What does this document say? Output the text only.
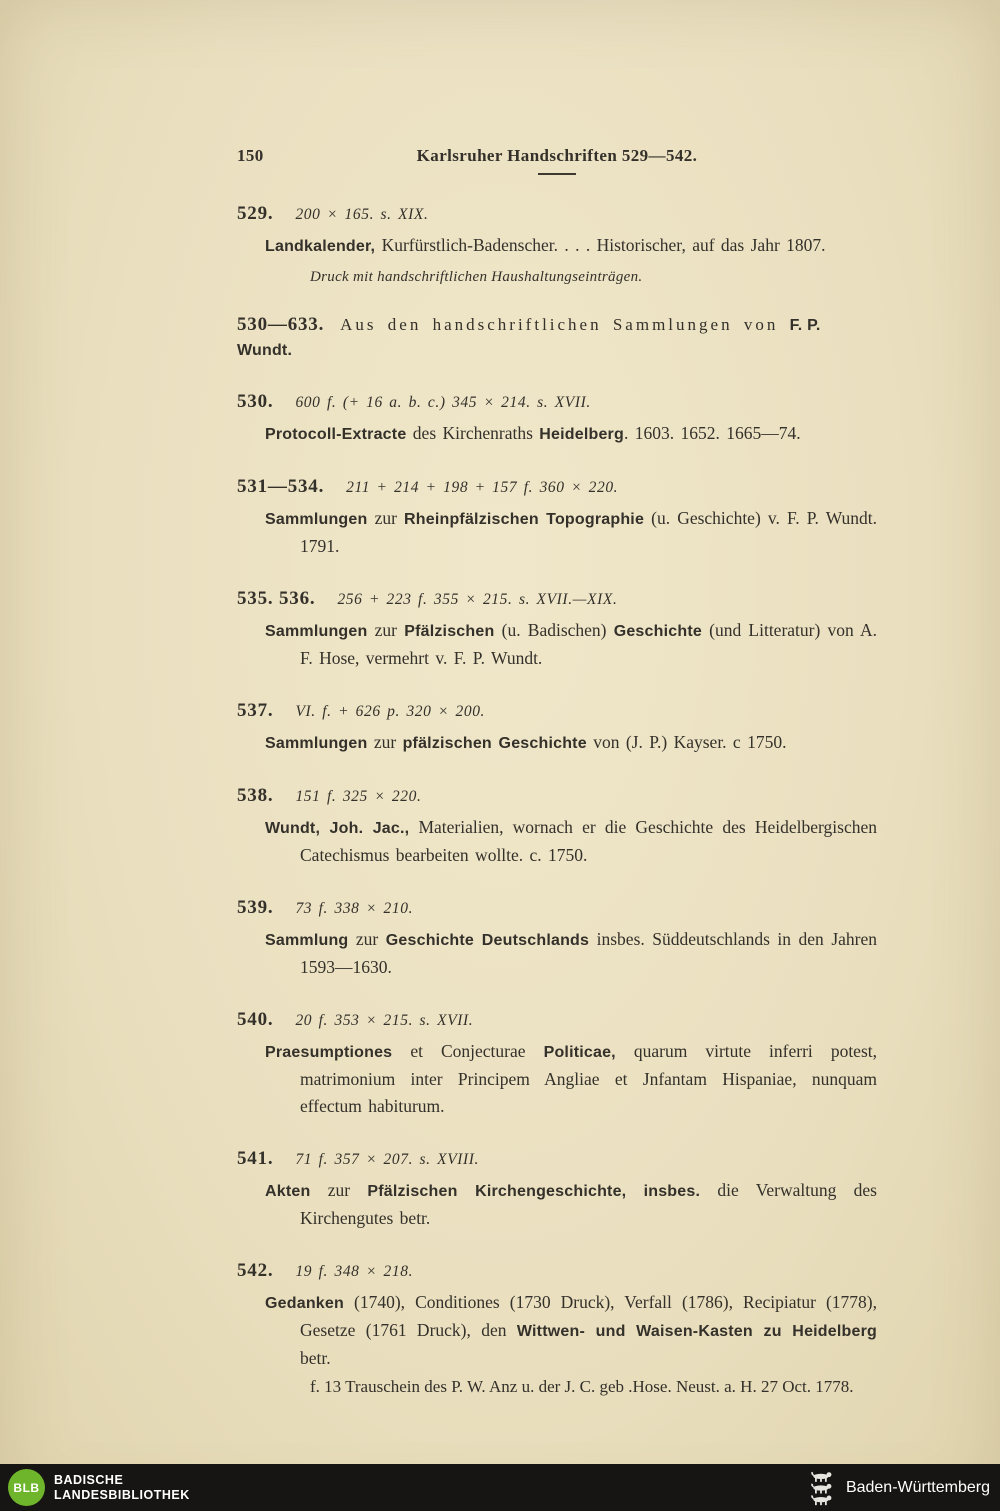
150	Karlsruher Handschriften 529—542.
529. 200 × 165. s. XIX.

Landkalender, Kurfürstlich-Badenscher. . . . Historischer, auf das Jahr 1807.

Druck mit handschriftlichen Haushaltungseinträgen.

530—633. Aus den handschriftlichen Sammlungen von F. P. Wundt.
530. 600 f. (+ 16 a. b. c.) 345 × 214. s. XVII.

Protocoll-Extracte des Kirchenraths Heidelberg. 1603. 1652. 1665—74.

531—534. 211 + 214 + 198 + 157 f. 360 × 220.

Sammlungen zur Rheinpfälzischen Topographie (u. Geschichte) v. F. P. Wundt. 1791.

535. 536. 256 + 223 f. 355 × 215. s. XVII.—XIX.

Sammlungen zur Pfälzischen (u. Badischen) Geschichte (und Litteratur) von A. F. Hose, vermehrt v. F. P. Wundt.

537. VI. f. + 626 p. 320 × 200.

Sammlungen zur pfälzischen Geschichte von (J. P.) Kayser. c 1750.

538. 151 f. 325 × 220.

Wundt, Joh. Jac., Materialien, wornach er die Geschichte des Heidelbergischen Catechismus bearbeiten wollte. c. 1750.

539. 73 f. 338 × 210.

Sammlung zur Geschichte Deutschlands insbes. Süddeutschlands in den Jahren 1593—1630.

540. 20 f. 353 × 215. s. XVII.

Praesumptiones et Conjecturae Politicae, quarum virtute inferri potest, matrimonium inter Principem Angliae et Jnfantam Hispaniae, nunquam effectum habiturum.

541. 71 f. 357 × 207. s. XVIII.

Akten zur Pfälzischen Kirchengeschichte, insbes. die Verwaltung des Kirchengutes betr.

542. 19 f. 348 × 218.

Gedanken (1740), Conditiones (1730 Druck), Verfall (1786), Recipiatur (1778), Gesetze (1761 Druck), den Wittwen- und Waisen-Kasten zu Heidelberg betr.

f. 13 Trauschein des P. W. Anz u. der J. C. geb .Hose. Neust. a. H. 27 Oct. 1778.

BLB
BADISCHE
LANDESBIBLIOTHEK	Baden-Württemberg
